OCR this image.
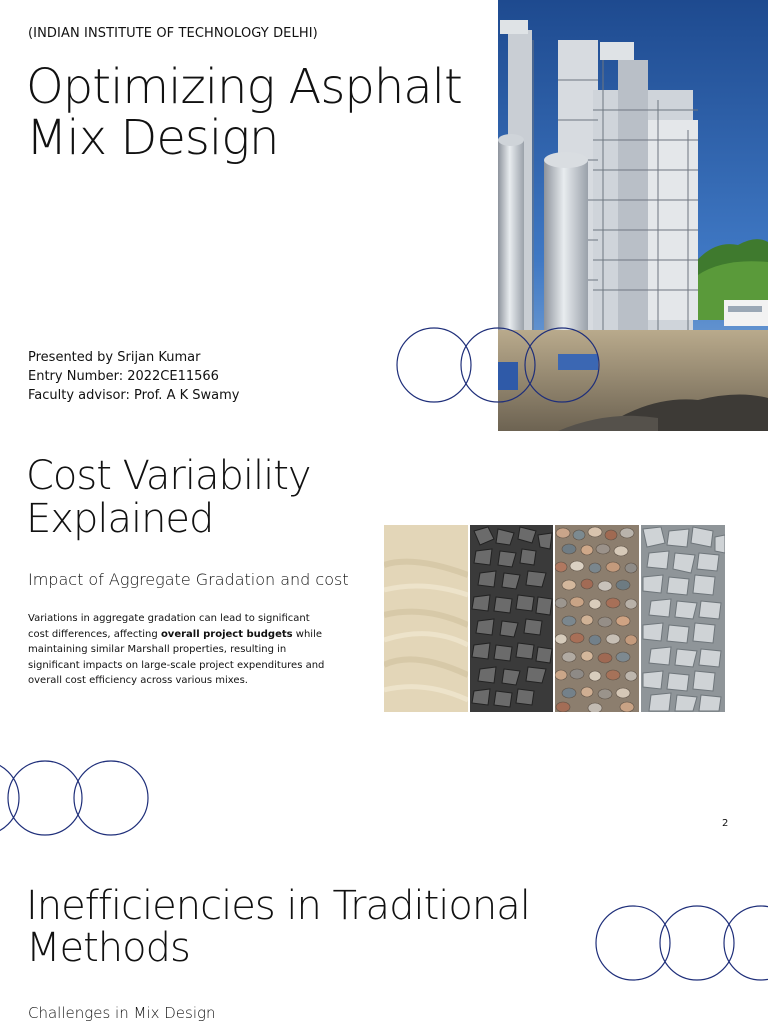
(INDIAN INSTITUTE OF TECHNOLOGY DELHI)
Optimizing Asphalt Mix Design
Presented by Srijan Kumar
Entry Number: 2022CE11566
Faculty advisor: Prof. A K Swamy
Cost Variability Explained
Impact of Aggregate Gradation and cost

Variations in aggregate gradation can lead to significant cost differences, affecting overall project budgets while maintaining similar Marshall properties, resulting in significant impacts on large-scale project expenditures and overall cost efficiency across various mixes.

2
Inefficiencies in Traditional Methods
Challenges in Mix Design
